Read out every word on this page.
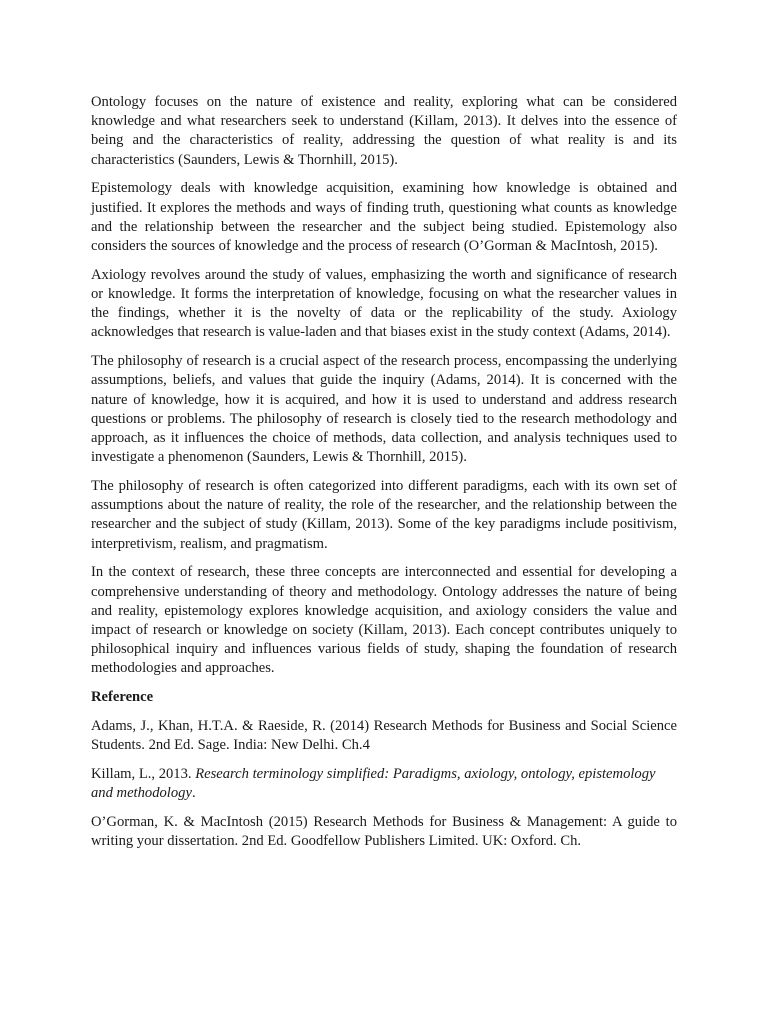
Ontology focuses on the nature of existence and reality, exploring what can be considered knowledge and what researchers seek to understand (Killam, 2013). It delves into the essence of being and the characteristics of reality, addressing the question of what reality is and its characteristics (Saunders, Lewis & Thornhill, 2015).

Epistemology deals with knowledge acquisition, examining how knowledge is obtained and justified. It explores the methods and ways of finding truth, questioning what counts as knowledge and the relationship between the researcher and the subject being studied. Epistemology also considers the sources of knowledge and the process of research (O’Gorman & MacIntosh, 2015).

Axiology revolves around the study of values, emphasizing the worth and significance of research or knowledge. It forms the interpretation of knowledge, focusing on what the researcher values in the findings, whether it is the novelty of data or the replicability of the study. Axiology acknowledges that research is value-laden and that biases exist in the study context (Adams, 2014).

The philosophy of research is a crucial aspect of the research process, encompassing the underlying assumptions, beliefs, and values that guide the inquiry (Adams, 2014). It is concerned with the nature of knowledge, how it is acquired, and how it is used to understand and address research questions or problems. The philosophy of research is closely tied to the research methodology and approach, as it influences the choice of methods, data collection, and analysis techniques used to investigate a phenomenon (Saunders, Lewis & Thornhill, 2015).

The philosophy of research is often categorized into different paradigms, each with its own set of assumptions about the nature of reality, the role of the researcher, and the relationship between the researcher and the subject of study (Killam, 2013). Some of the key paradigms include positivism, interpretivism, realism, and pragmatism.

In the context of research, these three concepts are interconnected and essential for developing a comprehensive understanding of theory and methodology. Ontology addresses the nature of being and reality, epistemology explores knowledge acquisition, and axiology considers the value and impact of research or knowledge on society (Killam, 2013). Each concept contributes uniquely to philosophical inquiry and influences various fields of study, shaping the foundation of research methodologies and approaches.

Reference

Adams, J., Khan, H.T.A. & Raeside, R. (2014) Research Methods for Business and Social Science Students. 2nd Ed. Sage. India: New Delhi. Ch.4

Killam, L., 2013. Research terminology simplified: Paradigms, axiology, ontology, epistemology and methodology.

O’Gorman, K. & MacIntosh (2015) Research Methods for Business & Management: A guide to writing your dissertation. 2nd Ed. Goodfellow Publishers Limited. UK: Oxford. Ch.
